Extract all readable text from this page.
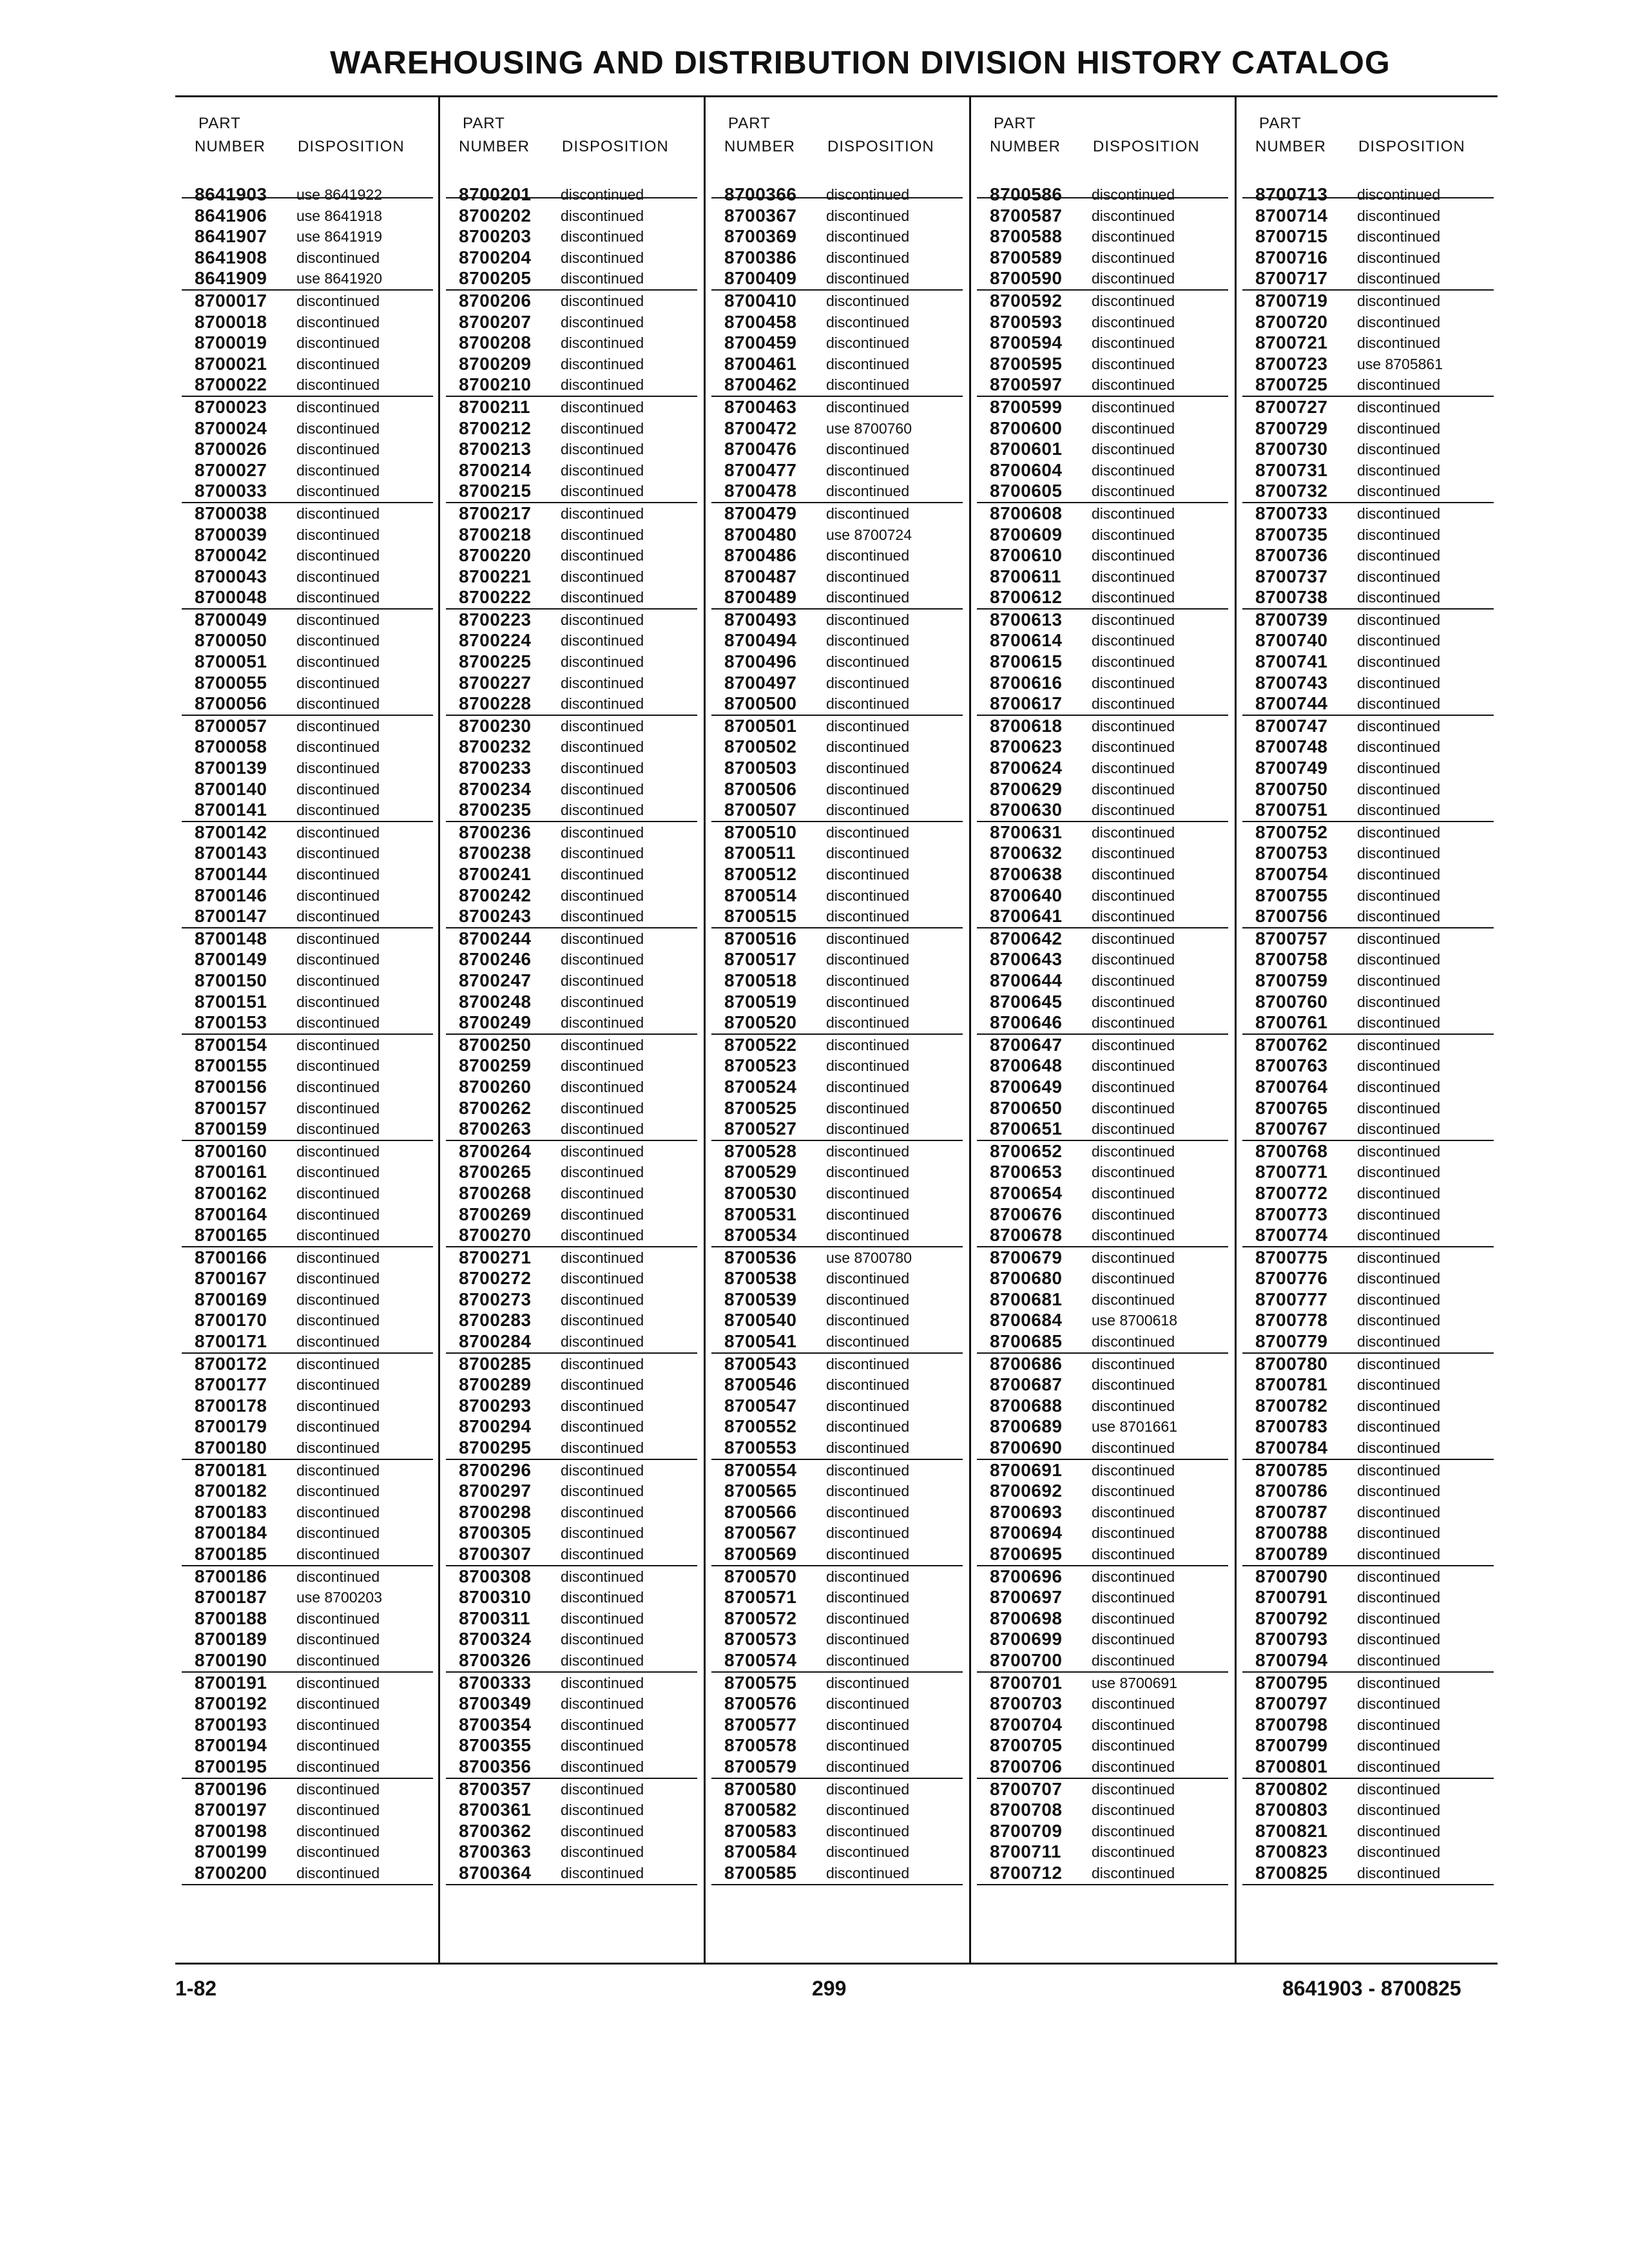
WAREHOUSING AND DISTRIBUTION DIVISION HISTORY CATALOG
PART
NUMBER DISPOSITION
8641903 use 8641922
8641906 use 8641918
8641907 use 8641919
8641908 discontinued
8641909 use 8641920
8700017 discontinued
8700018 discontinued
8700019 discontinued
8700021 discontinued
8700022 discontinued
8700023 discontinued
8700024 discontinued
8700026 discontinued
8700027 discontinued
8700033 discontinued
8700038 discontinued
8700039 discontinued
8700042 discontinued
8700043 discontinued
8700048 discontinued
8700049 discontinued
8700050 discontinued
8700051 discontinued
8700055 discontinued
8700056 discontinued
8700057 discontinued
8700058 discontinued
8700139 discontinued
8700140 discontinued
8700141 discontinued
8700142 discontinued
8700143 discontinued
8700144 discontinued
8700146 discontinued
8700147 discontinued
8700148 discontinued
8700149 discontinued
8700150 discontinued
8700151 discontinued
8700153 discontinued
8700154 discontinued
8700155 discontinued
8700156 discontinued
8700157 discontinued
8700159 discontinued
8700160 discontinued
8700161 discontinued
8700162 discontinued
8700164 discontinued
8700165 discontinued
8700166 discontinued
8700167 discontinued
8700169 discontinued
8700170 discontinued
8700171 discontinued
8700172 discontinued
8700177 discontinued
8700178 discontinued
8700179 discontinued
8700180 discontinued
8700181 discontinued
8700182 discontinued
8700183 discontinued
8700184 discontinued
8700185 discontinued
8700186 discontinued
8700187 use 8700203
8700188 discontinued
8700189 discontinued
8700190 discontinued
8700191 discontinued
8700192 discontinued
8700193 discontinued
8700194 discontinued
8700195 discontinued
8700196 discontinued
8700197 discontinued
8700198 discontinued
8700199 discontinued
8700200 discontinued
PART
NUMBER DISPOSITION
8700201 discontinued
8700202 discontinued
8700203 discontinued
8700204 discontinued
8700205 discontinued
8700206 discontinued
8700207 discontinued
8700208 discontinued
8700209 discontinued
8700210 discontinued
8700211 discontinued
8700212 discontinued
8700213 discontinued
8700214 discontinued
8700215 discontinued
8700217 discontinued
8700218 discontinued
8700220 discontinued
8700221 discontinued
8700222 discontinued
8700223 discontinued
8700224 discontinued
8700225 discontinued
8700227 discontinued
8700228 discontinued
8700230 discontinued
8700232 discontinued
8700233 discontinued
8700234 discontinued
8700235 discontinued
8700236 discontinued
8700238 discontinued
8700241 discontinued
8700242 discontinued
8700243 discontinued
8700244 discontinued
8700246 discontinued
8700247 discontinued
8700248 discontinued
8700249 discontinued
8700250 discontinued
8700259 discontinued
8700260 discontinued
8700262 discontinued
8700263 discontinued
8700264 discontinued
8700265 discontinued
8700268 discontinued
8700269 discontinued
8700270 discontinued
8700271 discontinued
8700272 discontinued
8700273 discontinued
8700283 discontinued
8700284 discontinued
8700285 discontinued
8700289 discontinued
8700293 discontinued
8700294 discontinued
8700295 discontinued
8700296 discontinued
8700297 discontinued
8700298 discontinued
8700305 discontinued
8700307 discontinued
8700308 discontinued
8700310 discontinued
8700311 discontinued
8700324 discontinued
8700326 discontinued
8700333 discontinued
8700349 discontinued
8700354 discontinued
8700355 discontinued
8700356 discontinued
8700357 discontinued
8700361 discontinued
8700362 discontinued
8700363 discontinued
8700364 discontinued
PART
NUMBER DISPOSITION
8700366 discontinued
8700367 discontinued
8700369 discontinued
8700386 discontinued
8700409 discontinued
8700410 discontinued
8700458 discontinued
8700459 discontinued
8700461 discontinued
8700462 discontinued
8700463 discontinued
8700472 use 8700760
8700476 discontinued
8700477 discontinued
8700478 discontinued
8700479 discontinued
8700480 use 8700724
8700486 discontinued
8700487 discontinued
8700489 discontinued
8700493 discontinued
8700494 discontinued
8700496 discontinued
8700497 discontinued
8700500 discontinued
8700501 discontinued
8700502 discontinued
8700503 discontinued
8700506 discontinued
8700507 discontinued
8700510 discontinued
8700511 discontinued
8700512 discontinued
8700514 discontinued
8700515 discontinued
8700516 discontinued
8700517 discontinued
8700518 discontinued
8700519 discontinued
8700520 discontinued
8700522 discontinued
8700523 discontinued
8700524 discontinued
8700525 discontinued
8700527 discontinued
8700528 discontinued
8700529 discontinued
8700530 discontinued
8700531 discontinued
8700534 discontinued
8700536 use 8700780
8700538 discontinued
8700539 discontinued
8700540 discontinued
8700541 discontinued
8700543 discontinued
8700546 discontinued
8700547 discontinued
8700552 discontinued
8700553 discontinued
8700554 discontinued
8700565 discontinued
8700566 discontinued
8700567 discontinued
8700569 discontinued
8700570 discontinued
8700571 discontinued
8700572 discontinued
8700573 discontinued
8700574 discontinued
8700575 discontinued
8700576 discontinued
8700577 discontinued
8700578 discontinued
8700579 discontinued
8700580 discontinued
8700582 discontinued
8700583 discontinued
8700584 discontinued
8700585 discontinued
PART
NUMBER DISPOSITION
8700586 discontinued
8700587 discontinued
8700588 discontinued
8700589 discontinued
8700590 discontinued
8700592 discontinued
8700593 discontinued
8700594 discontinued
8700595 discontinued
8700597 discontinued
8700599 discontinued
8700600 discontinued
8700601 discontinued
8700604 discontinued
8700605 discontinued
8700608 discontinued
8700609 discontinued
8700610 discontinued
8700611 discontinued
8700612 discontinued
8700613 discontinued
8700614 discontinued
8700615 discontinued
8700616 discontinued
8700617 discontinued
8700618 discontinued
8700623 discontinued
8700624 discontinued
8700629 discontinued
8700630 discontinued
8700631 discontinued
8700632 discontinued
8700638 discontinued
8700640 discontinued
8700641 discontinued
8700642 discontinued
8700643 discontinued
8700644 discontinued
8700645 discontinued
8700646 discontinued
8700647 discontinued
8700648 discontinued
8700649 discontinued
8700650 discontinued
8700651 discontinued
8700652 discontinued
8700653 discontinued
8700654 discontinued
8700676 discontinued
8700678 discontinued
8700679 discontinued
8700680 discontinued
8700681 discontinued
8700684 use 8700618
8700685 discontinued
8700686 discontinued
8700687 discontinued
8700688 discontinued
8700689 use 8701661
8700690 discontinued
8700691 discontinued
8700692 discontinued
8700693 discontinued
8700694 discontinued
8700695 discontinued
8700696 discontinued
8700697 discontinued
8700698 discontinued
8700699 discontinued
8700700 discontinued
8700701 use 8700691
8700703 discontinued
8700704 discontinued
8700705 discontinued
8700706 discontinued
8700707 discontinued
8700708 discontinued
8700709 discontinued
8700711 discontinued
8700712 discontinued
PART
NUMBER DISPOSITION
8700713 discontinued
8700714 discontinued
8700715 discontinued
8700716 discontinued
8700717 discontinued
8700719 discontinued
8700720 discontinued
8700721 discontinued
8700723 use 8705861
8700725 discontinued
8700727 discontinued
8700729 discontinued
8700730 discontinued
8700731 discontinued
8700732 discontinued
8700733 discontinued
8700735 discontinued
8700736 discontinued
8700737 discontinued
8700738 discontinued
8700739 discontinued
8700740 discontinued
8700741 discontinued
8700743 discontinued
8700744 discontinued
8700747 discontinued
8700748 discontinued
8700749 discontinued
8700750 discontinued
8700751 discontinued
8700752 discontinued
8700753 discontinued
8700754 discontinued
8700755 discontinued
8700756 discontinued
8700757 discontinued
8700758 discontinued
8700759 discontinued
8700760 discontinued
8700761 discontinued
8700762 discontinued
8700763 discontinued
8700764 discontinued
8700765 discontinued
8700767 discontinued
8700768 discontinued
8700771 discontinued
8700772 discontinued
8700773 discontinued
8700774 discontinued
8700775 discontinued
8700776 discontinued
8700777 discontinued
8700778 discontinued
8700779 discontinued
8700780 discontinued
8700781 discontinued
8700782 discontinued
8700783 discontinued
8700784 discontinued
8700785 discontinued
8700786 discontinued
8700787 discontinued
8700788 discontinued
8700789 discontinued
8700790 discontinued
8700791 discontinued
8700792 discontinued
8700793 discontinued
8700794 discontinued
8700795 discontinued
8700797 discontinued
8700798 discontinued
8700799 discontinued
8700801 discontinued
8700802 discontinued
8700803 discontinued
8700821 discontinued
8700823 discontinued
8700825 discontinued
1-82	299	8641903 - 8700825
